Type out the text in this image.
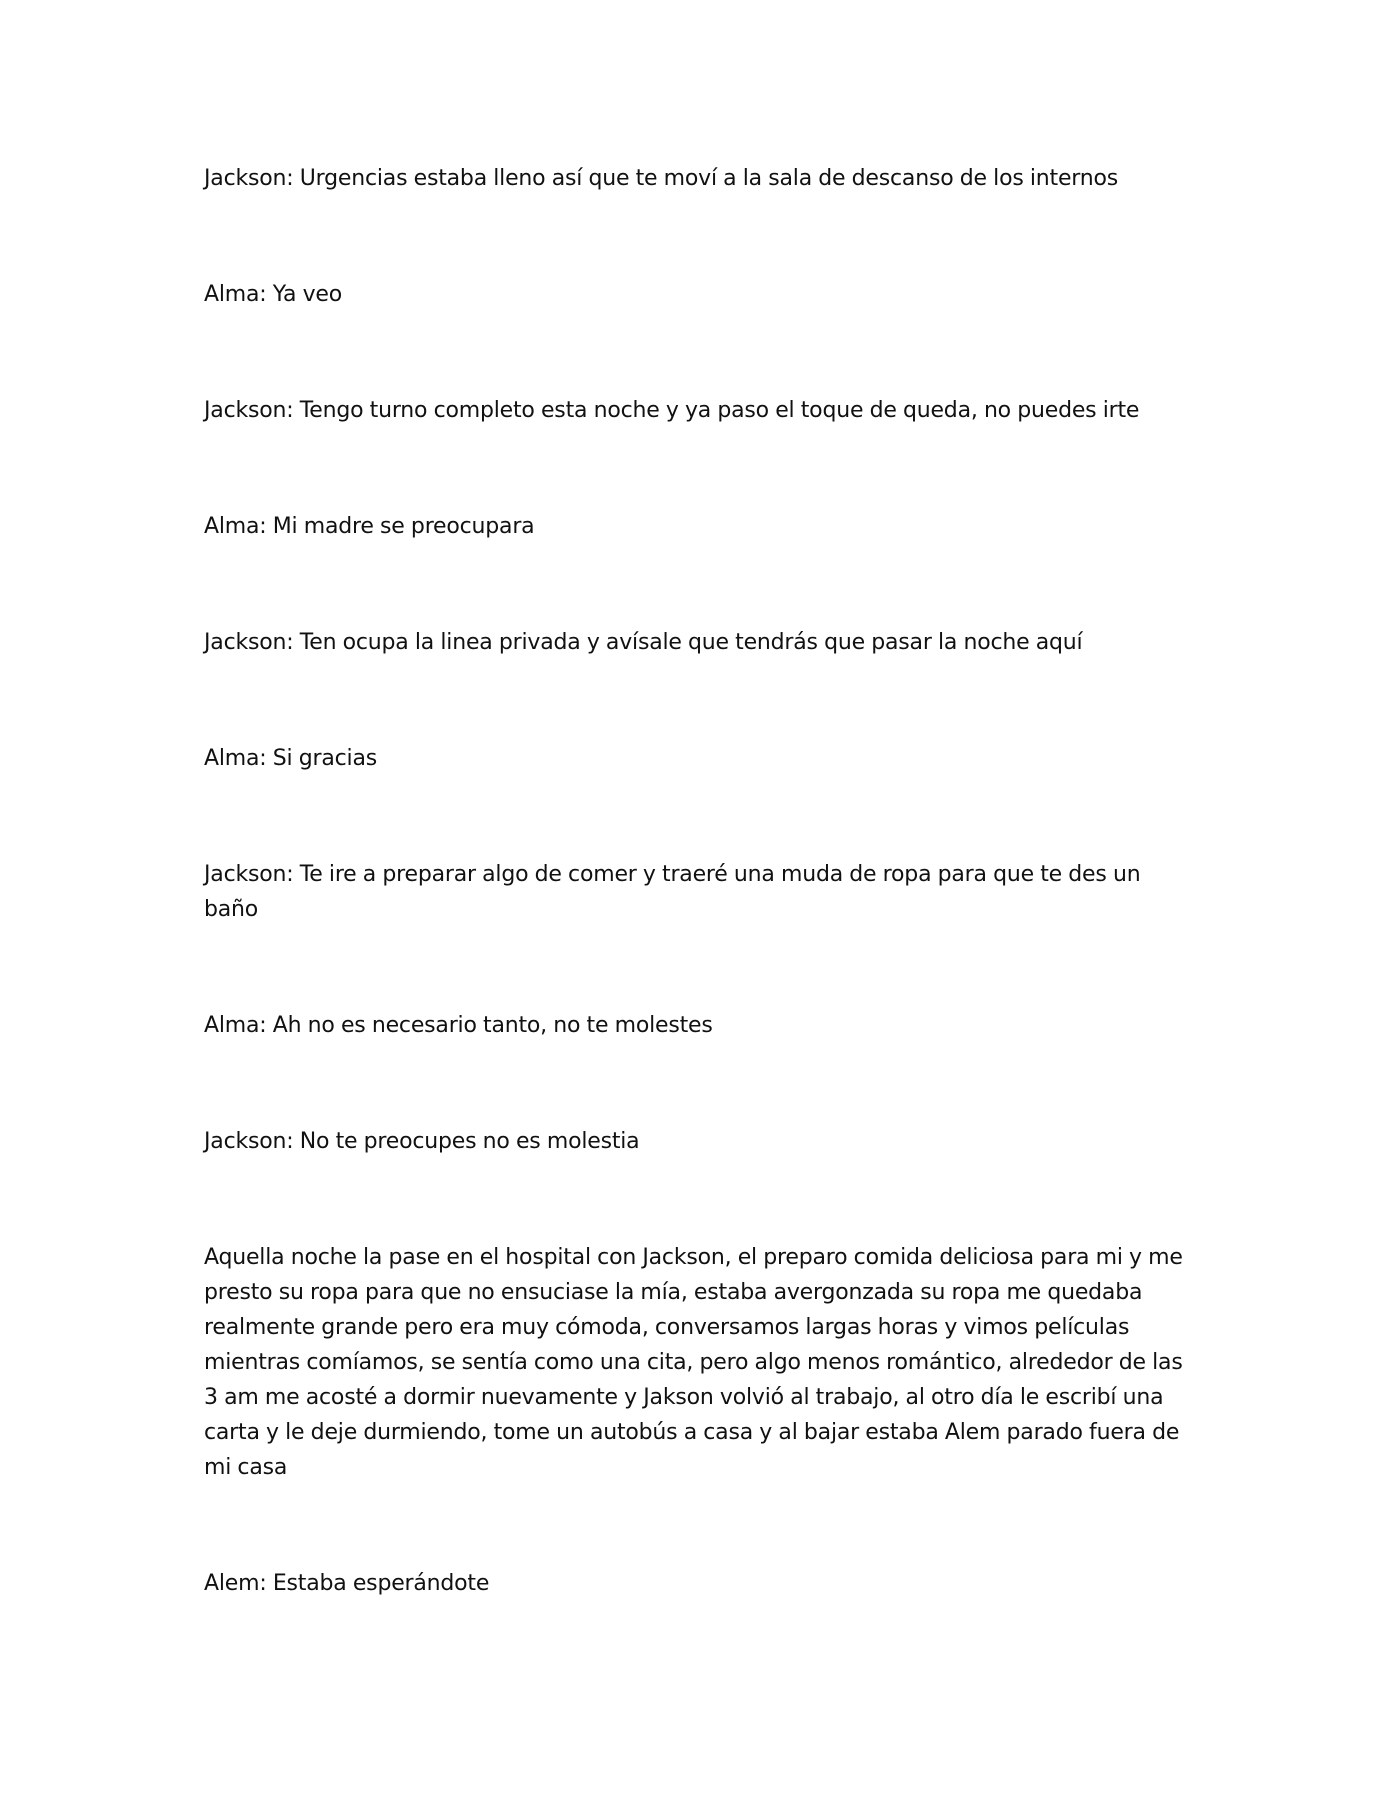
Jackson: Urgencias estaba lleno así que te moví a la sala de descanso de los internos

Alma: Ya veo

Jackson: Tengo turno completo esta noche y ya paso el toque de queda, no puedes irte

Alma: Mi madre se preocupara

Jackson: Ten ocupa la linea privada y avísale que tendrás que pasar la noche aquí

Alma: Si gracias

Jackson: Te ire a preparar algo de comer y traeré una muda de ropa para que te des un baño

Alma: Ah no es necesario tanto, no te molestes

Jackson: No te preocupes no es molestia

Aquella noche la pase en el hospital con Jackson, el preparo comida deliciosa para mi y me presto su ropa para que no ensuciase la mía, estaba avergonzada su ropa me quedaba realmente grande pero era muy cómoda, conversamos largas horas y vimos películas mientras comíamos, se sentía como una cita, pero algo menos romántico, alrededor de las 3 am me acosté a dormir nuevamente y Jakson volvió al trabajo, al otro día le escribí una carta y le deje durmiendo, tome un autobús a casa y al bajar estaba Alem parado fuera de mi casa

Alem: Estaba esperándote
